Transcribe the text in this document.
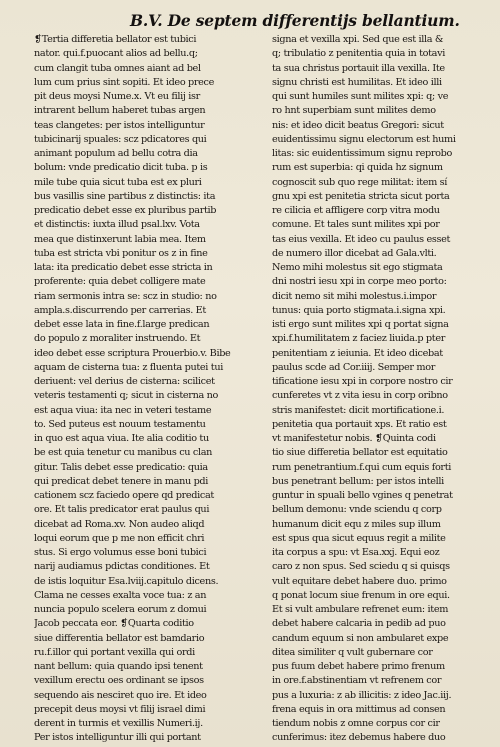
B.V. De septem differentijs bellantium.
❡Tertia differetia bellator est tubici
nator. qui.f.puocant alios ad bellu.q;
cum clangit tuba omnes aiant ad bel
lum cum prius sint sopiti. Et ideo prece
pit deus moysi Nume.x. Vt eu filij isr
intrarent bellum haberet tubas argen
teas clangetes: per istos intelliguntur
tubicinarij spuales: scz pdicatores qui
animant populum ad bellu cotra dia
bolum: vnde predicatio dicit tuba. p is
mile tube quia sicut tuba est ex pluri
bus vasillis sine partibus z distinctis: ita
predicatio debet esse ex pluribus partib
et distinctis: iuxta illud psal.lxv. Vota
mea que distinxerunt labia mea. Item
tuba est stricta vbi ponitur os z in fine
lata: ita predicatio debet esse stricta in
proferente: quia debet colligere mate
riam sermonis intra se: scz in studio: no
ampla.s.discurrendo per carrerias. Et
debet esse lata in fine.f.large predican
do populo z moraliter instruendo. Et
ideo debet esse scriptura Prouerbio.v. Bibe
aquam de cisterna tua: z fluenta putei tui
deriuent: vel derius de cisterna: scilicet
veteris testamenti q; sicut in cisterna no
est aqua viua: ita nec in veteri testame
to. Sed puteus est nouum testamentu
in quo est aqua viua. Ite alia coditio tu
be est quia tenetur cu manibus cu clan
gitur. Talis debet esse predicatio: quia
qui predicat debet tenere in manu pdi
cationem scz faciedo opere qd predicat
ore. Et talis predicator erat paulus qui
dicebat ad Roma.xv. Non audeo aliqd
loqui eorum que p me non efficit chri
stus. Si ergo volumus esse boni tubici
narij audiamus pdictas conditiones. Et
de istis loquitur Esa.lviij.capitulo dicens.
Clama ne cesses exalta voce tua: z an
nuncia populo scelera eorum z domui
Jacob peccata eor. ❡Quarta coditio
siue differentia bellator est bamdario
ru.f.illor qui portant vexilla qui ordi
nant bellum: quia quando ipsi tenent
vexillum erectu oes ordinant se ipsos
sequendo ais nesciret quo ire. Et ideo
precepit deus moysi vt filij israel dimi
derent in turmis et vexillis Numeri.ij.
Per istos intelliguntur illi qui portant
signa et vexilla xpi. Sed que est illa &
q; tribulatio z penitentia quia in totavi
ta sua christus portauit illa vexilla. Ite
signu christi est humilitas. Et ideo illi
qui sunt humiles sunt milites xpi: q; ve
ro hnt superbiam sunt milites demo
nis: et ideo dicit beatus Gregori: sicut
euidentissimu signu electorum est humi
litas: sic euidentissimum signu reprobo
rum est superbia: qi quida hz signum
cognoscit sub quo rege militat: item sí
gnu xpi est penitetia stricta sicut porta
re cilicia et affligere corp vitra modu
comune. Et tales sunt milites xpi por
tas eius vexilla. Et ideo cu paulus esset
de numero illor dicebat ad Gala.vlti.
Nemo mihi molestus sit ego stigmata
dni nostri iesu xpi in corpe meo porto:
dicit nemo sit mihi molestus.i.impor
tunus: quia porto stigmata.i.signa xpi.
isti ergo sunt milites xpi q portat signa
xpi.f.humilitatem z faciez liuida.p pter
penitentiam z ieiunia. Et ideo dicebat
paulus scde ad Cor.iiij. Semper mor
tificatione iesu xpi in corpore nostro cir
cunferetes vt z vita iesu in corp oribno
stris manifestet: dicit mortificatione.i.
penitetia qua portauit xps. Et ratio est
vt manifestetur nobis. ❡Quinta codi
tio siue differetia bellator est equitatio
rum penetrantium.f.qui cum equis forti
bus penetrant bellum: per istos intelli
guntur in spuali bello vgines q penetrat
bellum demonu: vnde sciendu q corp
humanum dicit equ z miles sup illum
est spus qua sicut equus regit a milite
ita corpus a spu: vt Esa.xxj. Equi eoz
caro z non spus. Sed sciedu q si quisqs
vult equitare debet habere duo. primo
q ponat locum siue frenum in ore equi.
Et si vult ambulare refrenet eum: item
debet habere calcaria in pedib ad puo
candum equum si non ambularet expe
ditea similiter q vult gubernare cor
pus fuum debet habere primo frenum
in ore.f.abstinentiam vt refrenem cor
pus a luxuria: z ab illicitis: z ideo Jac.iij.
frena equis in ora mittimus ad consen
tiendum nobis z omne corpus cor cir
cunferimus: itez debemus habere duo
